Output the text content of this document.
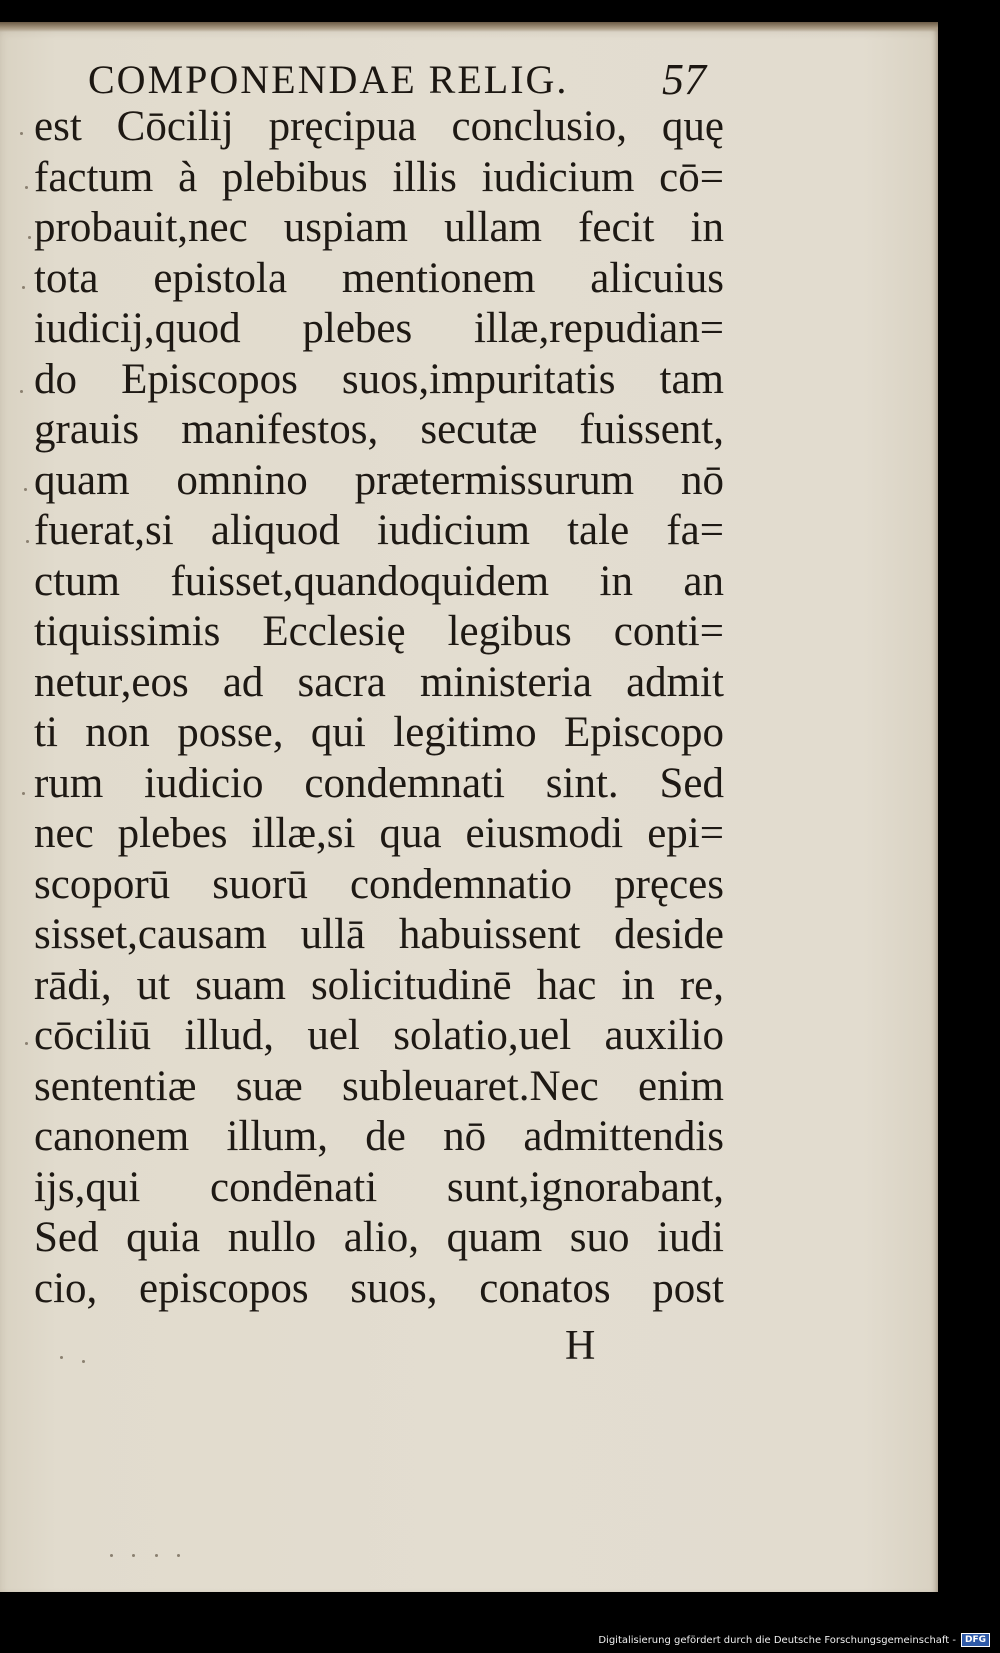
COMPONENDAE RELIG.	57
est Cōcilij pręcipua conclusio, quę
factum à plebibus illis iudicium cō=
probauit,nec uspiam ullam fecit in
tota epistola mentionem alicuius
iudicij,quod plebes illæ,repudian=
do Episcopos suos,impuritatis tam
grauis manifestos, secutæ fuissent,
quam omnino prætermissurum nō
fuerat,si aliquod iudicium tale fa=
ctum fuisset,quandoquidem in an
tiquissimis Ecclesię legibus conti=
netur,eos ad sacra ministeria admit
ti non posse, qui legitimo Episcopo
rum iudicio condemnati sint. Sed
nec plebes illæ,si qua eiusmodi epi=
scoporū suorū condemnatio pręces
sisset,causam ullā habuissent deside
rādi, ut suam solicitudinē hac in re,
cōciliū illud, uel solatio,uel auxilio
sententiæ suæ subleuaret.Nec enim
canonem illum, de nō admittendis
ijs,qui condēnati sunt,ignorabant,
Sed quia nullo alio, quam suo iudi
cio, episcopos suos, conatos post
H
Digitalisierung gefördert durch die Deutsche Forschungsgemeinschaft -	DFG
